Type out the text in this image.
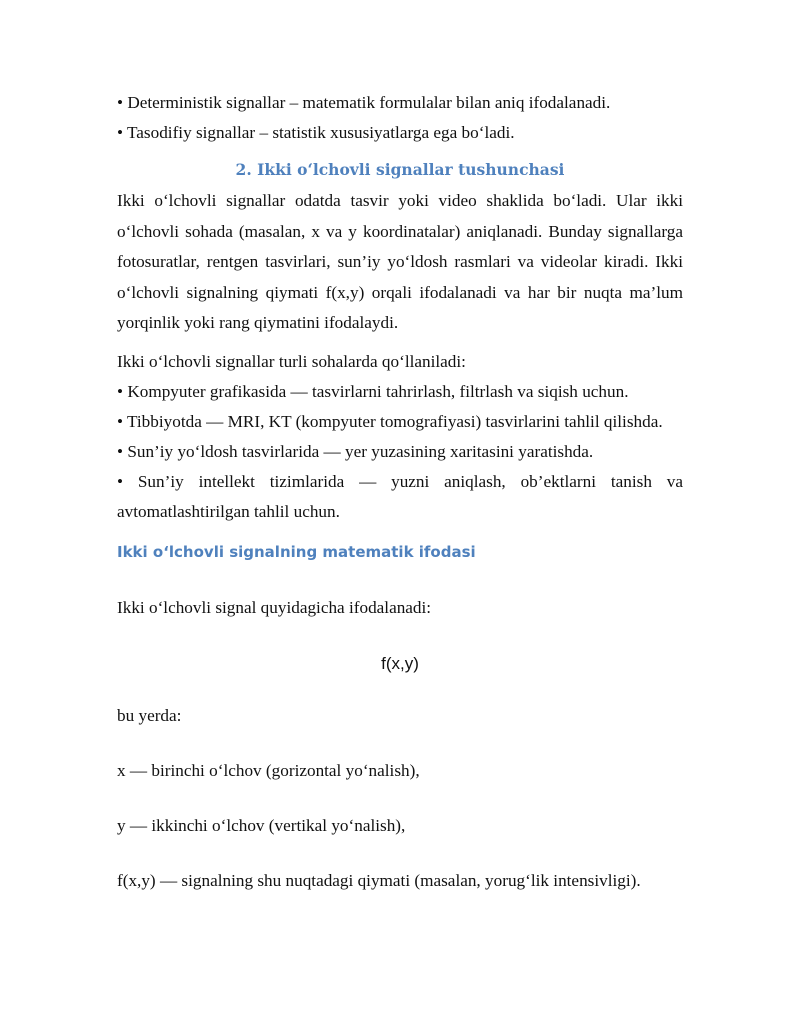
• Deterministik signallar – matematik formulalar bilan aniq ifodalanadi.

• Tasodifiy signallar – statistik xususiyatlarga ega bo‘ladi.

2. Ikki o‘lchovli signallar tushunchasi

Ikki o‘lchovli signallar odatda tasvir yoki video shaklida bo‘ladi. Ular ikki o‘lchovli sohada (masalan, x va y koordinatalar) aniqlanadi. Bunday signallarga fotosuratlar, rentgen tasvirlari, sun’iy yo‘ldosh rasmlari va videolar kiradi. Ikki o‘lchovli signalning qiymati f(x,y) orqali ifodalanadi va har bir nuqta ma’lum yorqinlik yoki rang qiymatini ifodalaydi.

Ikki o‘lchovli signallar turli sohalarda qo‘llaniladi:

• Kompyuter grafikasida — tasvirlarni tahrirlash, filtrlash va siqish uchun.

• Tibbiyotda — MRI, KT (kompyuter tomografiyasi) tasvirlarini tahlil qilishda.

• Sun’iy yo‘ldosh tasvirlarida — yer yuzasining xaritasini yaratishda.

• Sun’iy intellekt tizimlarida — yuzni aniqlash, ob’ektlarni tanish va avtomatlashtirilgan tahlil uchun.

Ikki o‘lchovli signalning matematik ifodasi

Ikki o‘lchovli signal quyidagicha ifodalanadi:

f(x,y)

bu yerda:

x — birinchi o‘lchov (gorizontal yo‘nalish),

y — ikkinchi o‘lchov (vertikal yo‘nalish),

f(x,y) — signalning shu nuqtadagi qiymati (masalan, yorug‘lik intensivligi).
